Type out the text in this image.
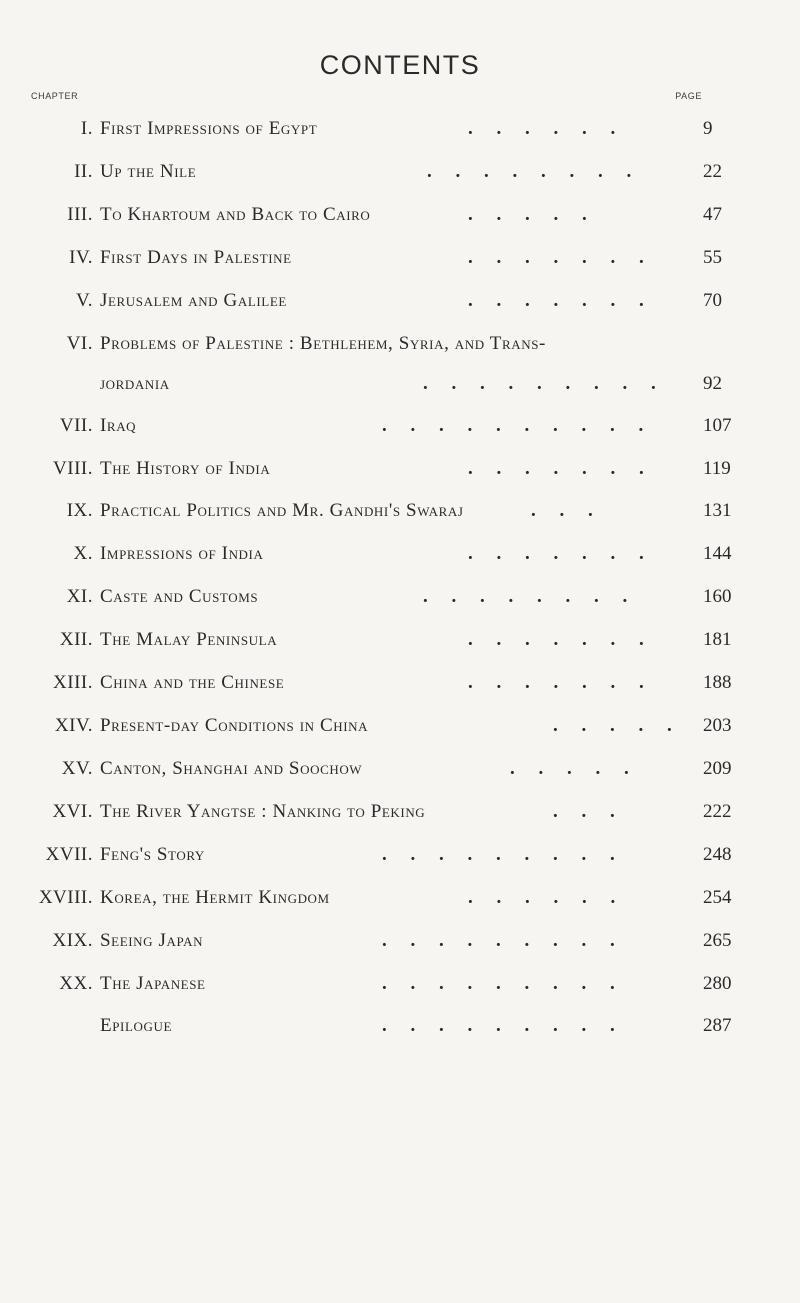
CONTENTS
CHAPTER	PAGE
I. First Impressions of Egypt	.     .     .     .     .     .	9
II. Up the Nile	.     .     .     .     .     .     .     .	22
III. To Khartoum and Back to Cairo	.     .     .     .     .	47
IV. First Days in Palestine	.     .     .     .     .     .     .	55
V. Jerusalem and Galilee	.     .     .     .     .     .     .	70
VI. Problems of Palestine : Bethlehem, Syria, and Trans-
jordania	.     .     .     .     .     .     .     .     . 92
VII. Iraq	.     .     .     .     .     .     .     .     .     .	107
VIII. The History of India	.     .     .     .     .     .     .	119
IX. Practical Politics and Mr. Gandhi's Swaraj	.     .     .	131
X. Impressions of India	.     .     .     .     .     .     .	144
XI. Caste and Customs	.     .     .     .     .     .     .     .	160
XII. The Malay Peninsula	.     .     .     .     .     .     .	181
XIII. China and the Chinese	.     .     .     .     .     .     .	188
XIV. Present-day Conditions in China	.     .     .     .     . 203
XV. Canton, Shanghai and Soochow	.     .     .     .     .	209
XVI. The River Yangtse : Nanking to Peking	.     .     .	222
XVII. Feng's Story	.     .     .     .     .     .     .     .     .	248
XVIII. Korea, the Hermit Kingdom	.     .     .     .     .     .	254
XIX. Seeing Japan	.     .     .     .     .     .     .     .     .	265
XX. The Japanese	.     .     .     .     .     .     .     .     .	280
Epilogue	.     .     .     .     .     .     .     .     .	287
